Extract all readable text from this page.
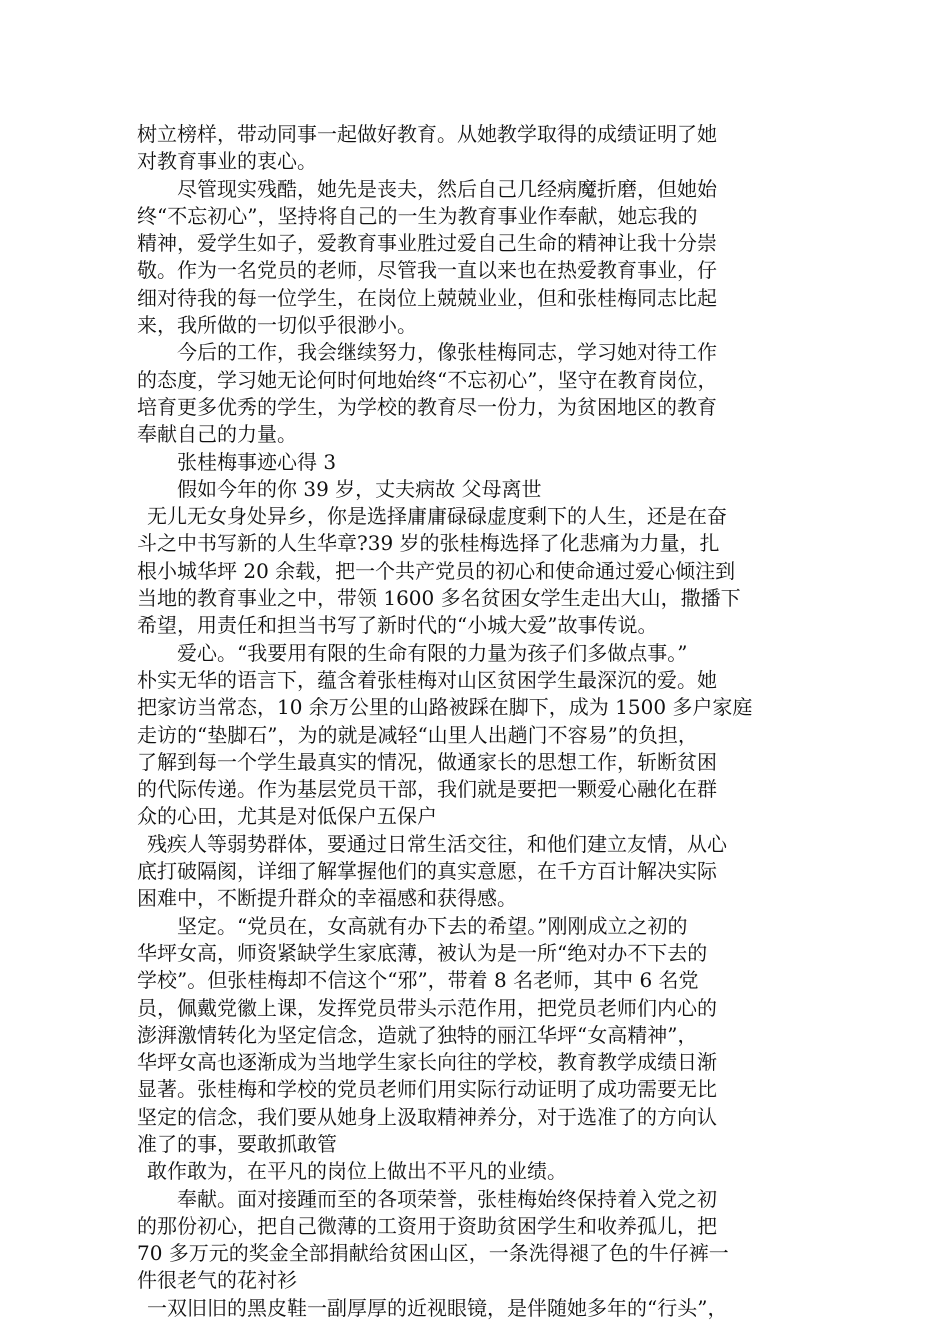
树立榜样，带动同事一起做好教育。从她教学取得的成绩证明了她
对教育事业的衷心。
尽管现实残酷，她先是丧夫，然后自己几经病魔折磨，但她始
终“不忘初心”，坚持将自己的一生为教育事业作奉献，她忘我的
精神，爱学生如子，爱教育事业胜过爱自己生命的精神让我十分崇
敬。作为一名党员的老师，尽管我一直以来也在热爱教育事业，仔
细对待我的每一位学生，在岗位上兢兢业业，但和张桂梅同志比起
来，我所做的一切似乎很渺小。
今后的工作，我会继续努力，像张桂梅同志，学习她对待工作
的态度，学习她无论何时何地始终“不忘初心”，坚守在教育岗位，
培育更多优秀的学生，为学校的教育尽一份力，为贫困地区的教育
奉献自己的力量。
张桂梅事迹心得 3
假如今年的你 39 岁，丈夫病故 父母离世
无儿无女身处异乡，你是选择庸庸碌碌虚度剩下的人生，还是在奋
斗之中书写新的人生华章?39 岁的张桂梅选择了化悲痛为力量，扎
根小城华坪 20 余载，把一个共产党员的初心和使命通过爱心倾注到
当地的教育事业之中，带领 1600 多名贫困女学生走出大山，撒播下
希望，用责任和担当书写了新时代的“小城大爱”故事传说。
爱心。“我要用有限的生命有限的力量为孩子们多做点事。”
朴实无华的语言下，蕴含着张桂梅对山区贫困学生最深沉的爱。她
把家访当常态，10 余万公里的山路被踩在脚下，成为 1500 多户家庭
走访的“垫脚石”，为的就是减轻“山里人出趟门不容易”的负担，
了解到每一个学生最真实的情况，做通家长的思想工作，斩断贫困
的代际传递。作为基层党员干部，我们就是要把一颗爱心融化在群
众的心田，尤其是对低保户五保户
残疾人等弱势群体，要通过日常生活交往，和他们建立友情，从心
底打破隔阂，详细了解掌握他们的真实意愿，在千方百计解决实际
困难中，不断提升群众的幸福感和获得感。
坚定。“党员在，女高就有办下去的希望。”刚刚成立之初的
华坪女高，师资紧缺学生家底薄，被认为是一所“绝对办不下去的
学校”。但张桂梅却不信这个“邪”，带着 8 名老师，其中 6 名党
员，佩戴党徽上课，发挥党员带头示范作用，把党员老师们内心的
澎湃激情转化为坚定信念，造就了独特的丽江华坪“女高精神”，
华坪女高也逐渐成为当地学生家长向往的学校，教育教学成绩日渐
显著。张桂梅和学校的党员老师们用实际行动证明了成功需要无比
坚定的信念，我们要从她身上汲取精神养分，对于选准了的方向认
准了的事，要敢抓敢管
敢作敢为，在平凡的岗位上做出不平凡的业绩。
奉献。面对接踵而至的各项荣誉，张桂梅始终保持着入党之初
的那份初心，把自己微薄的工资用于资助贫困学生和收养孤儿，把
70 多万元的奖金全部捐献给贫困山区，一条洗得褪了色的牛仔裤一
件很老气的花衬衫
一双旧旧的黑皮鞋一副厚厚的近视眼镜，是伴随她多年的“行头”，
